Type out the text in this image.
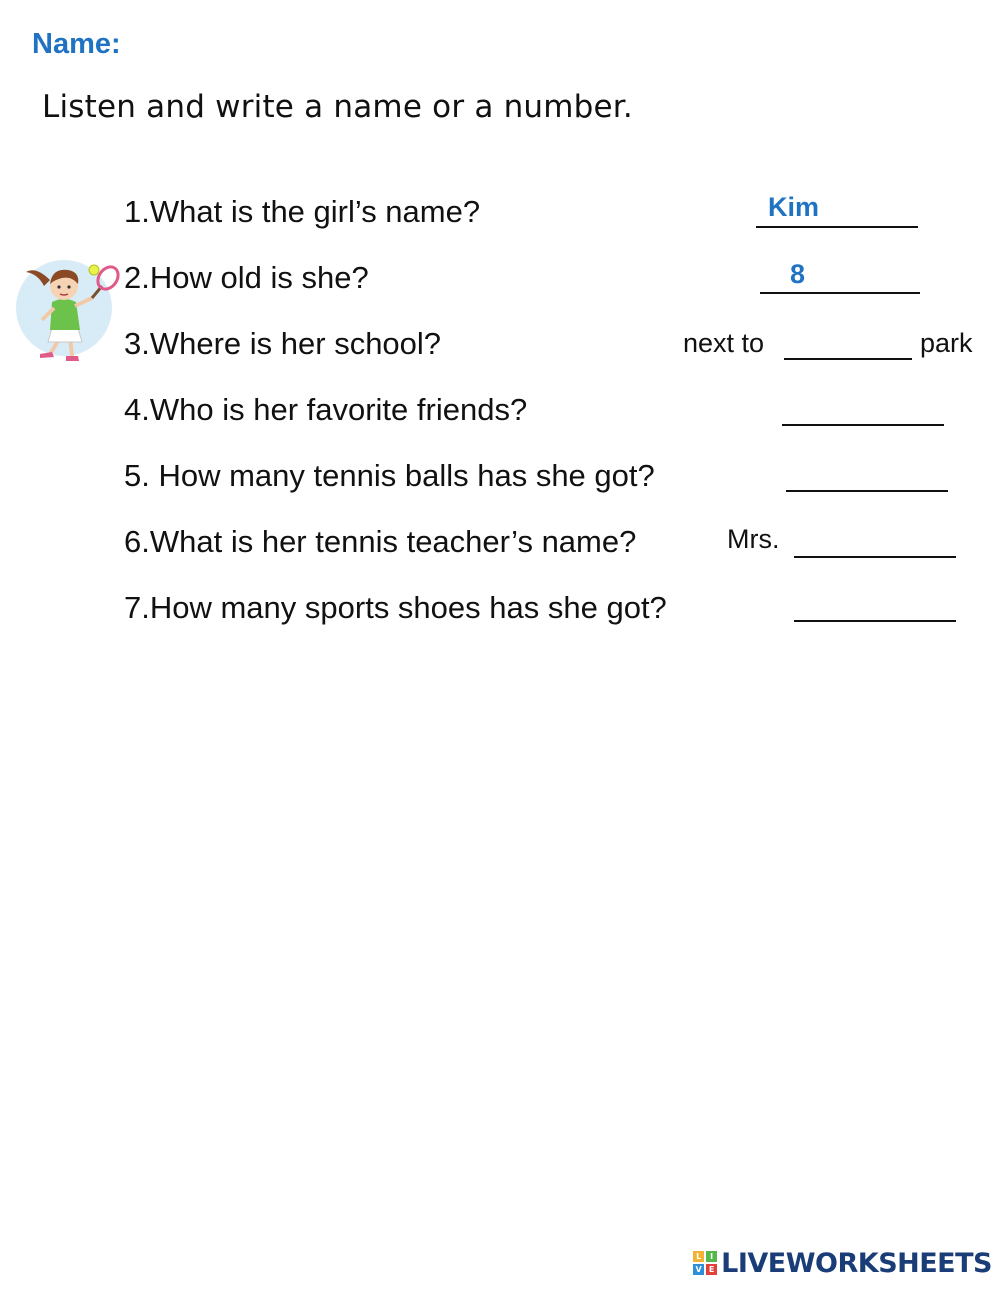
Name:
Listen and write a name or a number.
1.What is the girl’s name?	Kim
2.How old is she?	8
3.Where is her school?	next to	park
4.Who is her favorite friends?
5. How many tennis balls has she got?
6.What is her tennis teacher’s name?	Mrs.
7.How many sports shoes has she got?
L	I
V E LIVEWORKSHEETS
